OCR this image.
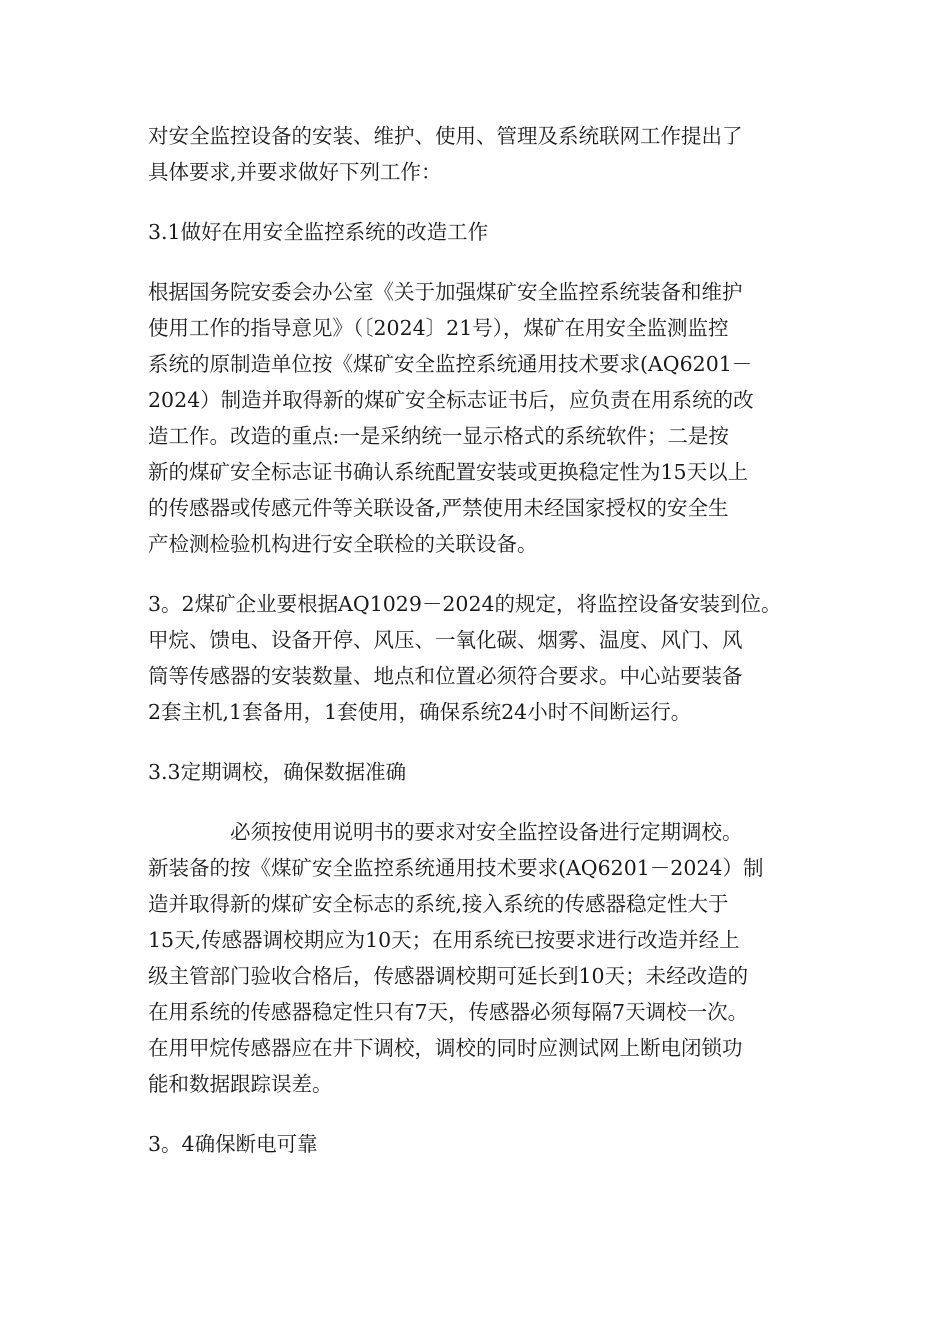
对安全监控设备的安装、维护、使用、管理及系统联网工作提出了
具体要求,并要求做好下列工作：

3.1做好在用安全监控系统的改造工作

根据国务院安委会办公室《关于加强煤矿安全监控系统装备和维护
使用工作的指导意见》（〔2024〕21号），煤矿在用安全监测监控
系统的原制造单位按《煤矿安全监控系统通用技术要求(AQ6201－
2024）制造并取得新的煤矿安全标志证书后，应负责在用系统的改
造工作。改造的重点:一是采纳统一显示格式的系统软件；二是按
新的煤矿安全标志证书确认系统配置安装或更换稳定性为15天以上
的传感器或传感元件等关联设备,严禁使用未经国家授权的安全生
产检测检验机构进行安全联检的关联设备。

3。2煤矿企业要根据AQ1029－2024的规定，将监控设备安装到位。
甲烷、馈电、设备开停、风压、一氧化碳、烟雾、温度、风门、风
筒等传感器的安装数量、地点和位置必须符合要求。中心站要装备
2套主机,1套备用，1套使用，确保系统24小时不间断运行。

3.3定期调校，确保数据准确

必须按使用说明书的要求对安全监控设备进行定期调校。
新装备的按《煤矿安全监控系统通用技术要求(AQ6201－2024）制
造并取得新的煤矿安全标志的系统,接入系统的传感器稳定性大于
15天,传感器调校期应为10天；在用系统已按要求进行改造并经上
级主管部门验收合格后，传感器调校期可延长到10天；未经改造的
在用系统的传感器稳定性只有7天，传感器必须每隔7天调校一次。
在用甲烷传感器应在井下调校，调校的同时应测试网上断电闭锁功
能和数据跟踪误差。

3。4确保断电可靠
